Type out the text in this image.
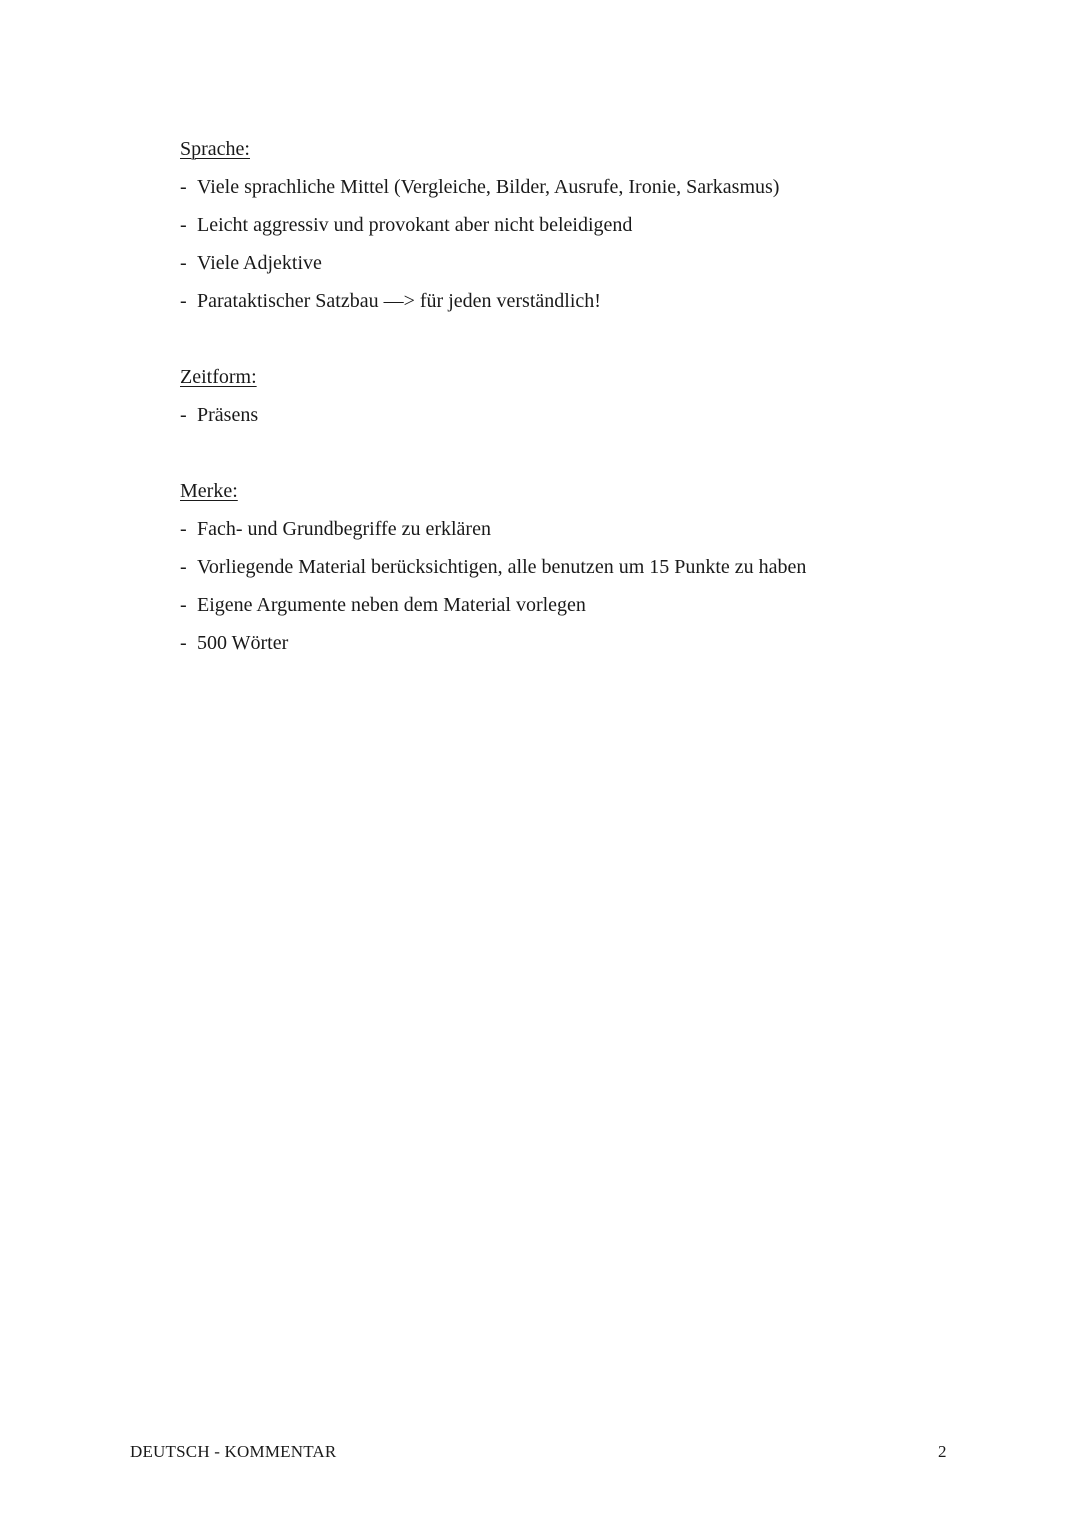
Sprache:
- Viele sprachliche Mittel (Vergleiche, Bilder, Ausrufe, Ironie, Sarkasmus)
- Leicht aggressiv und provokant aber nicht beleidigend
- Viele Adjektive
- Parataktischer Satzbau —> für jeden verständlich!
Zeitform:
- Präsens
Merke:
- Fach- und Grundbegriffe zu erklären
- Vorliegende Material berücksichtigen, alle benutzen um 15 Punkte zu haben
- Eigene Argumente neben dem Material vorlegen
- 500 Wörter
DEUTSCH - KOMMENTAR	2
